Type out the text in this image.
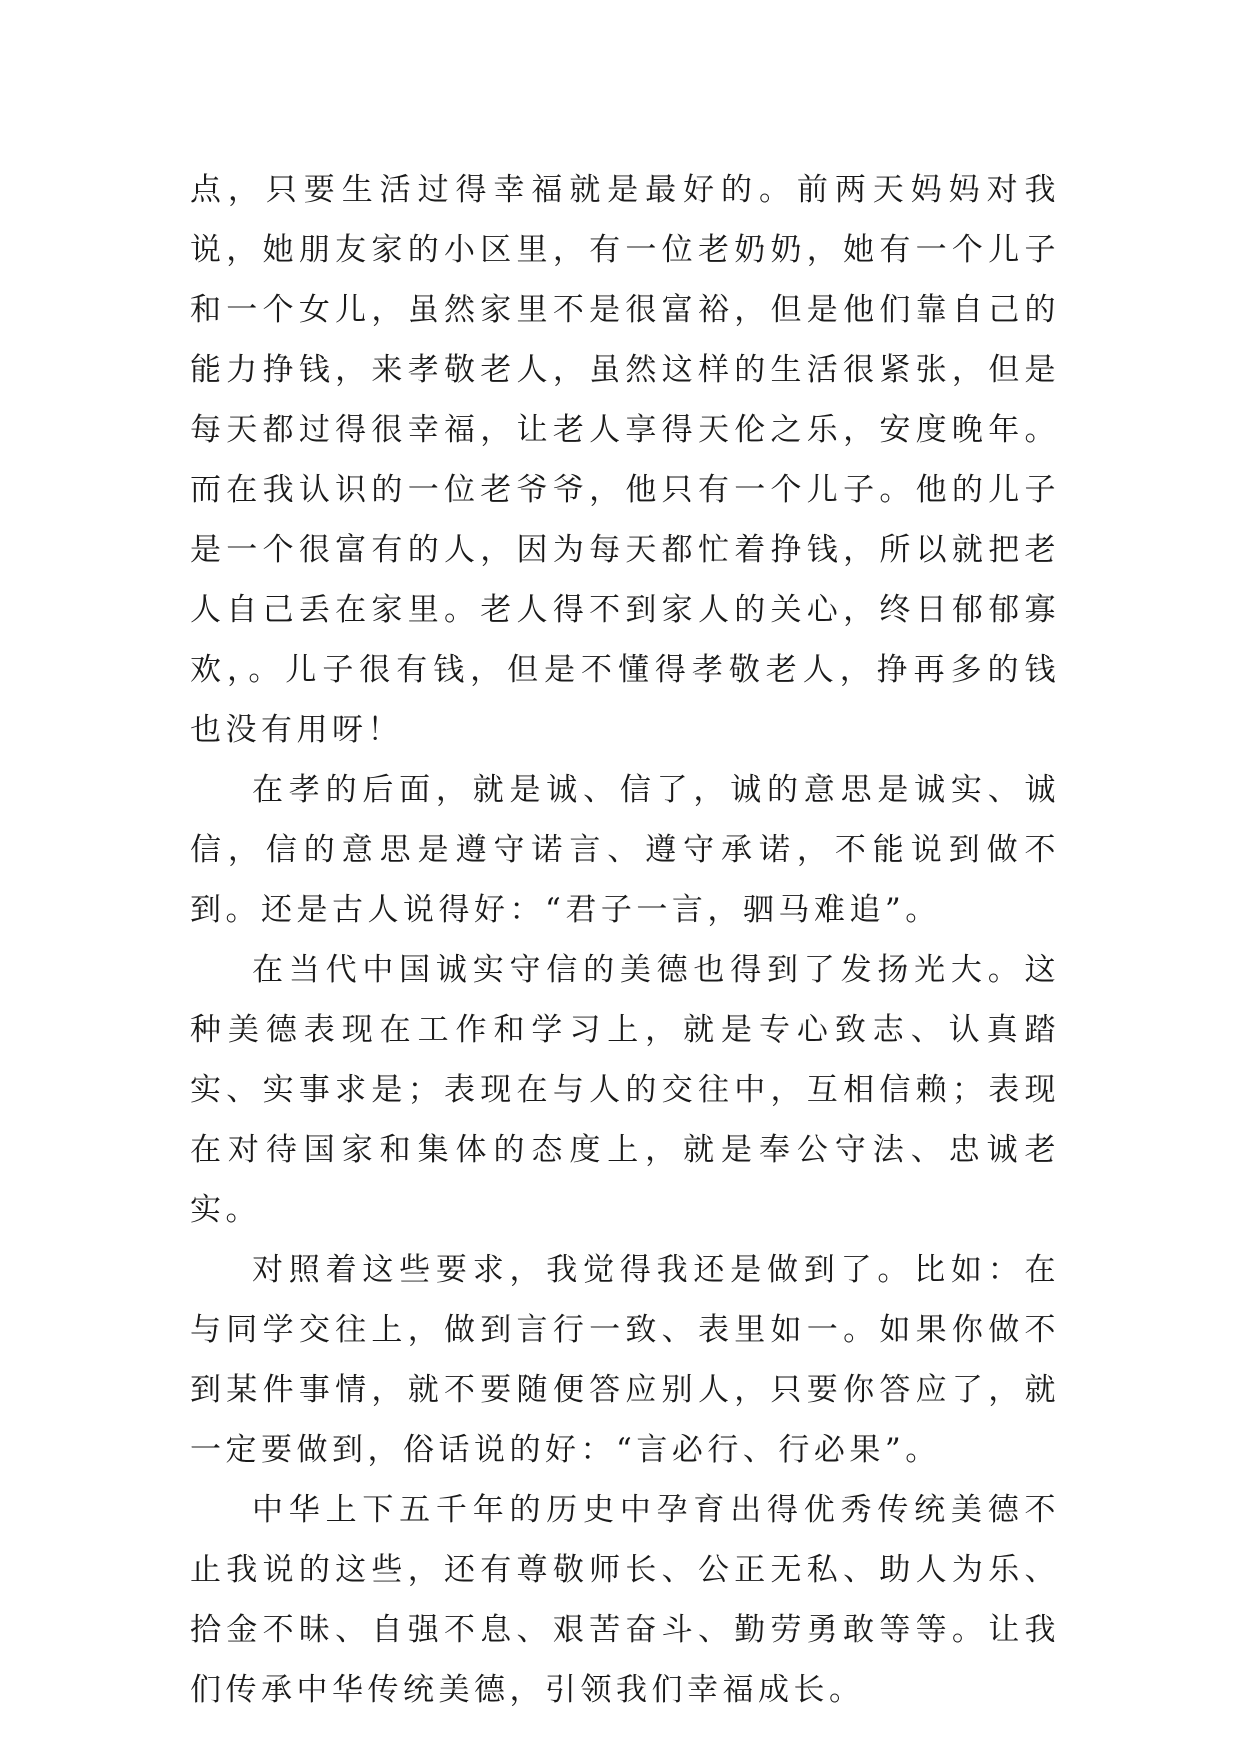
点，只要生活过得幸福就是最好的。前两天妈妈对我说，她朋友家的小区里，有一位老奶奶，她有一个儿子和一个女儿，虽然家里不是很富裕，但是他们靠自己的能力挣钱，来孝敬老人，虽然这样的生活很紧张，但是每天都过得很幸福，让老人享得天伦之乐，安度晚年。而在我认识的一位老爷爷，他只有一个儿子。他的儿子是一个很富有的人，因为每天都忙着挣钱，所以就把老人自己丢在家里。老人得不到家人的关心，终日郁郁寡欢，。儿子很有钱，但是不懂得孝敬老人，挣再多的钱也没有用呀！

在孝的后面，就是诚、信了，诚的意思是诚实、诚信，信的意思是遵守诺言、遵守承诺，不能说到做不到。还是古人说得好：“君子一言，驷马难追”。

在当代中国诚实守信的美德也得到了发扬光大。这种美德表现在工作和学习上，就是专心致志、认真踏实、实事求是；表现在与人的交往中，互相信赖；表现在对待国家和集体的态度上，就是奉公守法、忠诚老实。

对照着这些要求，我觉得我还是做到了。比如：在与同学交往上，做到言行一致、表里如一。如果你做不到某件事情，就不要随便答应别人，只要你答应了，就一定要做到，俗话说的好：“言必行、行必果”。

中华上下五千年的历史中孕育出得优秀传统美德不止我说的这些，还有尊敬师长、公正无私、助人为乐、拾金不昧、自强不息、艰苦奋斗、勤劳勇敢等等。让我们传承中华传统美德，引领我们幸福成长。
